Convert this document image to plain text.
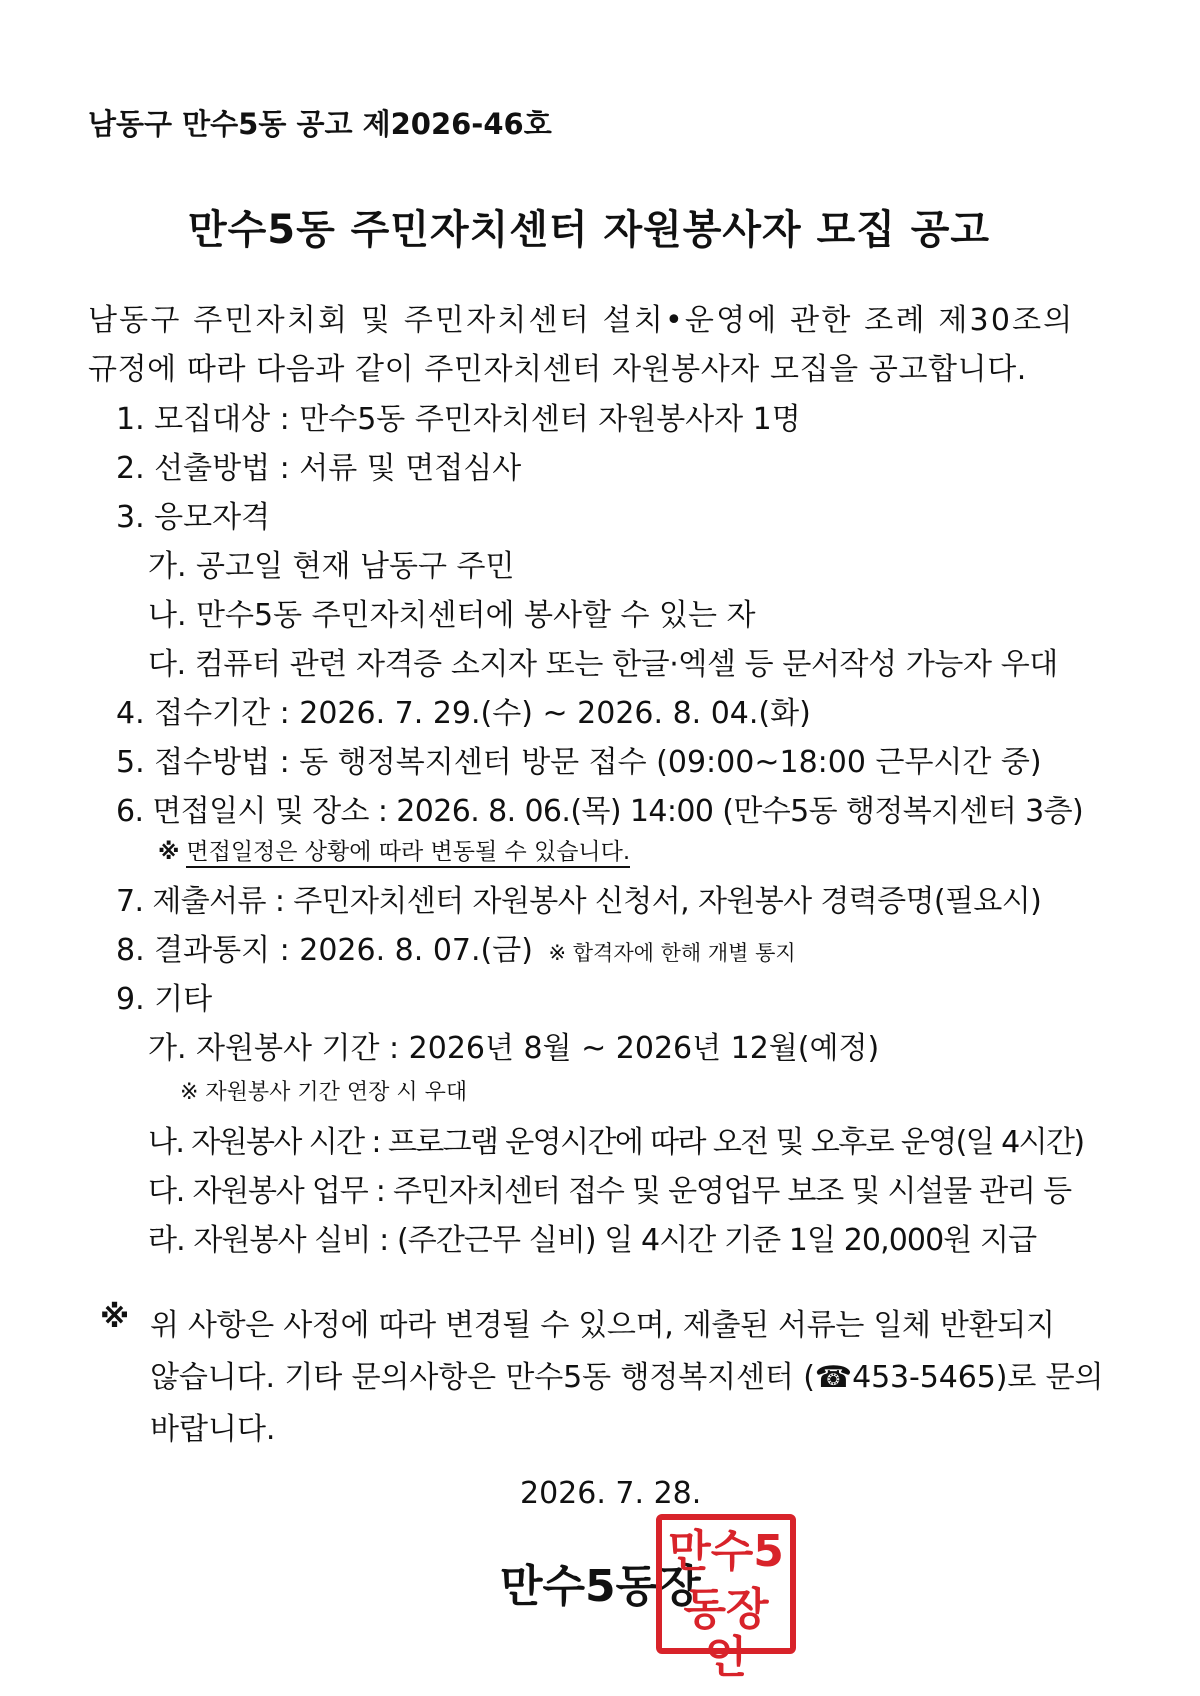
남동구 만수5동 공고 제2026-46호
만수5동 주민자치센터 자원봉사자 모집 공고
남동구 주민자치회 및 주민자치센터 설치•운영에 관한 조례 제30조의
규정에 따라 다음과 같이 주민자치센터 자원봉사자 모집을 공고합니다.
1. 모집대상 : 만수5동 주민자치센터 자원봉사자 1명
2. 선출방법 : 서류 및 면접심사
3. 응모자격
가. 공고일 현재 남동구 주민
나. 만수5동 주민자치센터에 봉사할 수 있는 자
다. 컴퓨터 관련 자격증 소지자 또는 한글·엑셀 등 문서작성 가능자 우대
4. 접수기간 : 2026. 7. 29.(수) ~ 2026. 8. 04.(화)
5. 접수방법 : 동 행정복지센터 방문 접수 (09:00~18:00 근무시간 중)
6. 면접일시 및 장소 : 2026. 8. 06.(목) 14:00 (만수5동 행정복지센터 3층)
※ 면접일정은 상황에 따라 변동될 수 있습니다.
7. 제출서류 : 주민자치센터 자원봉사 신청서, 자원봉사 경력증명(필요시)
8. 결과통지 : 2026. 8. 07.(금) ※ 합격자에 한해 개별 통지
9. 기타
가. 자원봉사 기간 : 2026년 8월 ~ 2026년 12월(예정)
※ 자원봉사 기간 연장 시 우대
나. 자원봉사 시간 : 프로그램 운영시간에 따라 오전 및 오후로 운영(일 4시간)
다. 자원봉사 업무 : 주민자치센터 접수 및 운영업무 보조 및 시설물 관리 등
라. 자원봉사 실비 : (주간근무 실비) 일 4시간 기준 1일 20,000원 지급
※ 위 사항은 사정에 따라 변경될 수 있으며, 제출된 서류는 일체 반환되지
않습니다. 기타 문의사항은 만수5동 행정복지센터 (☎453-5465)로 문의
바랍니다.
2026. 7. 28.
만수5동장
만수5
동장인
